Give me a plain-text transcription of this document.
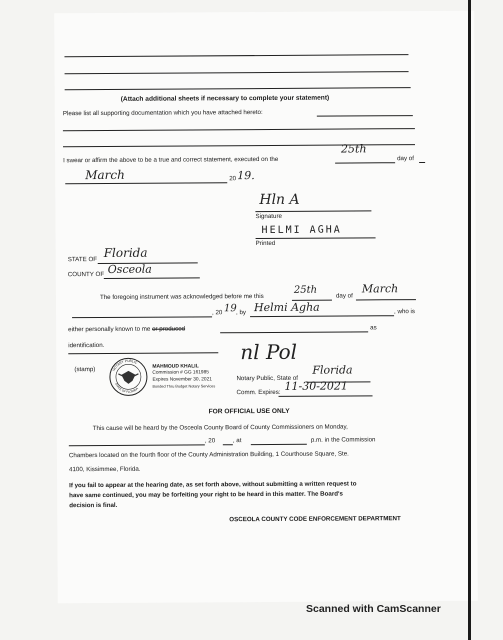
(Attach additional sheets if necessary to complete your statement)
Please list all supporting documentation which you have attached hereto:
I swear or affirm the above to be a true and correct statement, executed on the
25th
day of
March	20 19.
Hln A
Signature
HELMI AGHA
Printed
STATE OF Florida
COUNTY OF Osceola
The foregoing instrument was acknowledged before me this
25th
day of
March
, 20 19 , by Helmi Agha	, who is
either personally known to me or produced	as
identification.
(stamp)	NOTARY PUBLIC
STATE OF FLORIDA
MAHMOUD KHALIL
Commission # GG 161985
Expires November 30, 2021
Bonded Thru Budget Notary Services
nl Pol
Notary Public, State of
Florida
Comm. Expires: 11-30-2021
FOR OFFICIAL USE ONLY
This cause will be heard by the Osceola County Board of County Commissioners on Monday,
, 20	, at	p.m. in the Commission
Chambers located on the fourth floor of the County Administration Building, 1 Courthouse Square, Ste.
4100, Kissimmee, Florida.
If you fail to appear at the hearing date, as set forth above, without submitting a written request to
have same continued, you may be forfeiting your right to be heard in this matter. The Board's
decision is final.
OSCEOLA COUNTY CODE ENFORCEMENT DEPARTMENT
Scanned with CamScanner
